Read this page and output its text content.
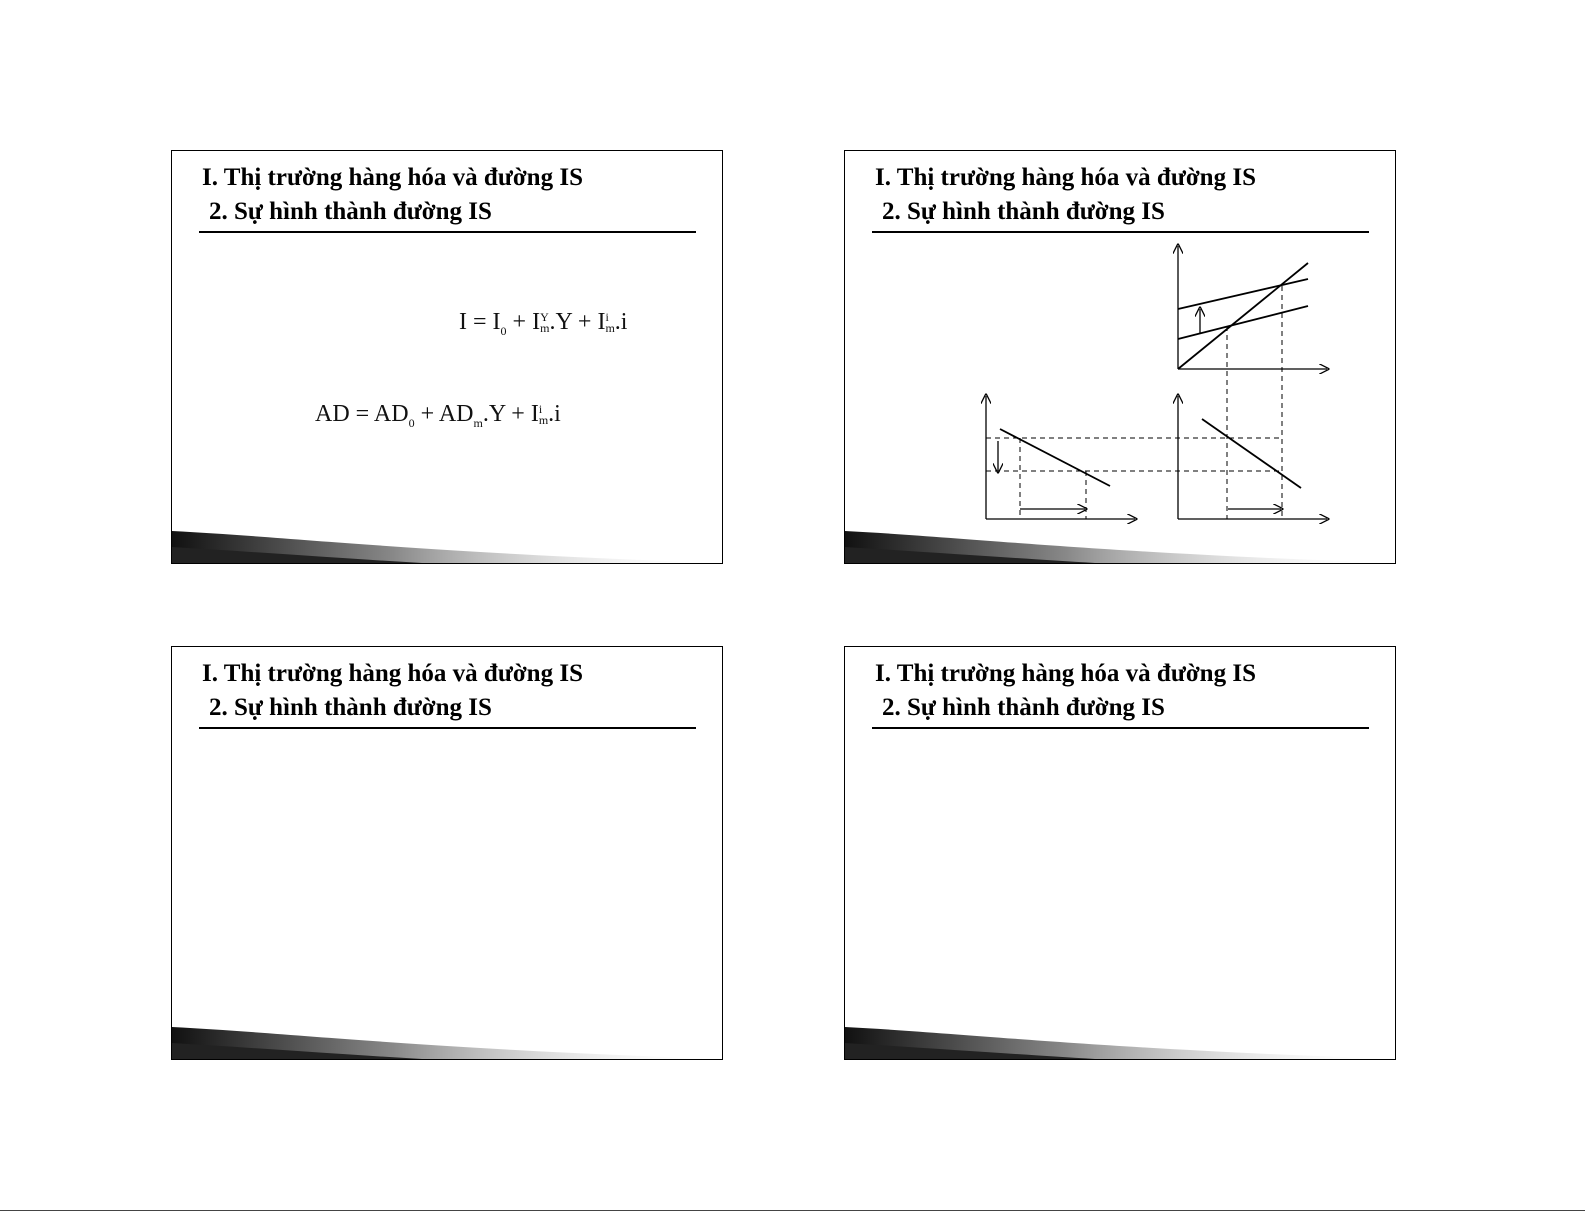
I. Thị trường hàng hóa và đường IS
2. Sự hình thành đường IS
$I = I_0 + I$ Y
m .Y + I i
m .i
AD = $AD_0 + AD_m.Y + I$ i
m .i
I. Thị trường hàng hóa và đường IS
2. Sự hình thành đường IS
I. Thị trường hàng hóa và đường IS
2. Sự hình thành đường IS
I. Thị trường hàng hóa và đường IS
2. Sự hình thành đường IS
